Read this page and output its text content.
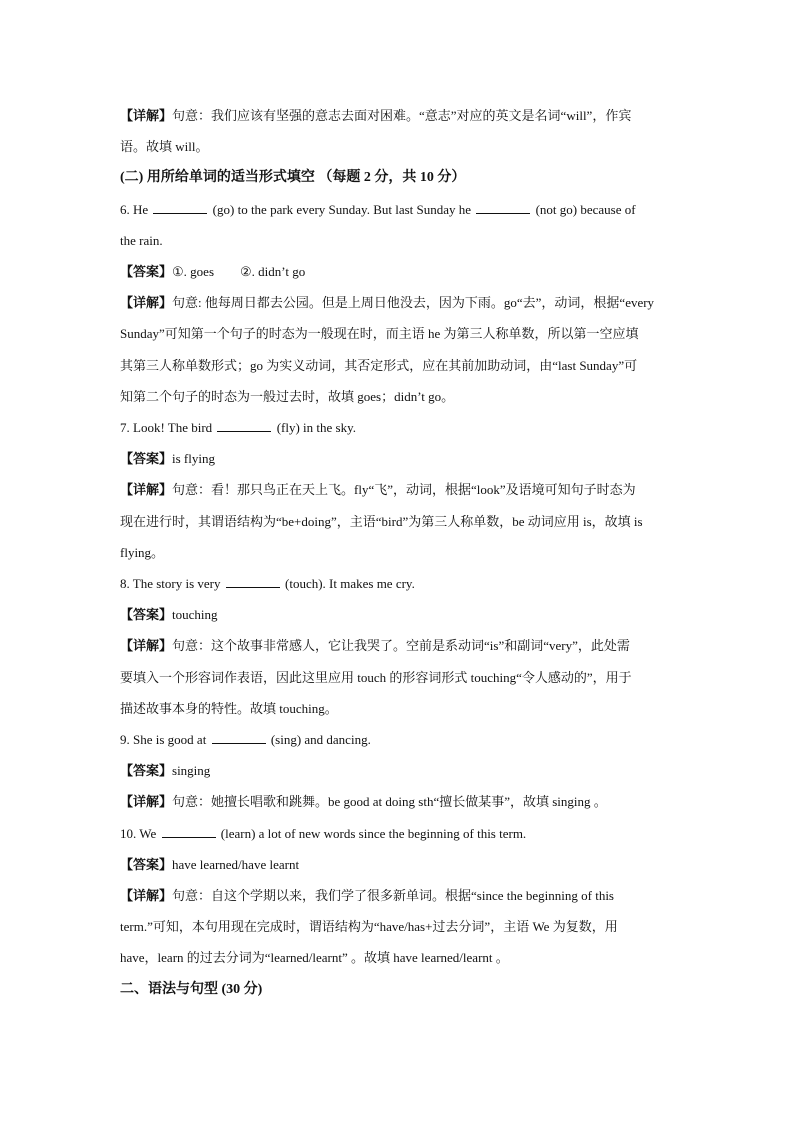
【详解】句意：我们应该有坚强的意志去面对困难。“意志”对应的英文是名词“will”，作宾
语。故填 will。
(二) 用所给单词的适当形式填空 （每题 2 分，共 10 分）
6. He	(go) to the park every Sunday. But last Sunday he	(not go) because of
the rain.
【答案】①. goes ②. didn’t go
【详解】句意: 他每周日都去公园。但是上周日他没去，因为下雨。go“去”，动词，根据“every
Sunday”可知第一个句子的时态为一般现在时，而主语 he 为第三人称单数，所以第一空应填
其第三人称单数形式；go 为实义动词，其否定形式，应在其前加助动词，由“last Sunday”可
知第二个句子的时态为一般过去时，故填 goes；didn’t go。
7. Look! The bird	(fly) in the sky.
【答案】is flying
【详解】句意：看！那只鸟正在天上飞。fly“飞”，动词，根据“look”及语境可知句子时态为
现在进行时，其谓语结构为“be+doing”，主语“bird”为第三人称单数，be 动词应用 is，故填 is
flying。
8. The story is very	(touch). It makes me cry.
【答案】touching
【详解】句意：这个故事非常感人，它让我哭了。空前是系动词“is”和副词“very”，此处需
要填入一个形容词作表语，因此这里应用 touch 的形容词形式 touching“令人感动的”，用于
描述故事本身的特性。故填 touching。
9. She is good at	(sing) and dancing.
【答案】singing
【详解】句意：她擅长唱歌和跳舞。be good at doing sth“擅长做某事”，故填 singing 。
10. We	(learn) a lot of new words since the beginning of this term.
【答案】have learned/have learnt
【详解】句意：自这个学期以来，我们学了很多新单词。根据“since the beginning of this
term.”可知，本句用现在完成时，谓语结构为“have/has+过去分词”，主语 We 为复数，用
have，learn 的过去分词为“learned/learnt” 。故填 have learned/learnt 。
二、语法与句型 (30 分)
